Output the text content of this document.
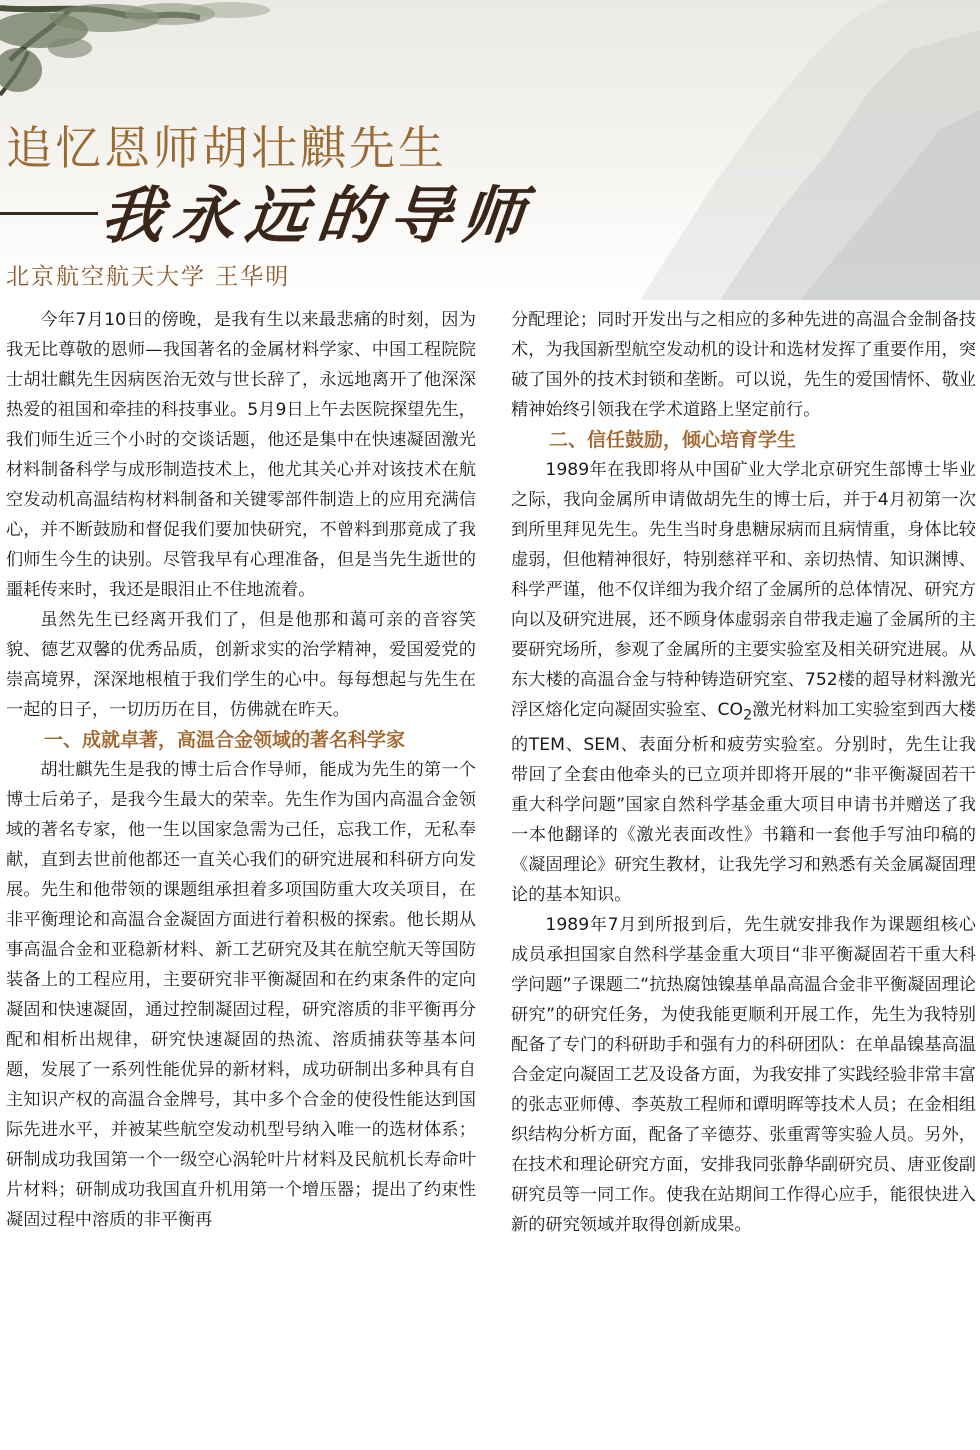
追忆恩师胡壮麒先生
我永远的导师
北京航空航天大学 王华明

今年7月10日的傍晚，是我有生以来最悲痛的时刻，因为我无比尊敬的恩师—我国著名的金属材料学家、中国工程院院士胡壮麒先生因病医治无效与世长辞了，永远地离开了他深深热爱的祖国和牵挂的科技事业。5月9日上午去医院探望先生，我们师生近三个小时的交谈话题，他还是集中在快速凝固激光材料制备科学与成形制造技术上，他尤其关心并对该技术在航空发动机高温结构材料制备和关键零部件制造上的应用充满信心，并不断鼓励和督促我们要加快研究，不曾料到那竟成了我们师生今生的诀别。尽管我早有心理准备，但是当先生逝世的噩耗传来时，我还是眼泪止不住地流着。

虽然先生已经离开我们了，但是他那和蔼可亲的音容笑貌、德艺双馨的优秀品质，创新求实的治学精神，爱国爱党的崇高境界，深深地根植于我们学生的心中。每每想起与先生在一起的日子，一切历历在目，仿佛就在昨天。

一、成就卓著，高温合金领域的著名科学家

胡壮麒先生是我的博士后合作导师，能成为先生的第一个博士后弟子，是我今生最大的荣幸。先生作为国内高温合金领域的著名专家，他一生以国家急需为己任，忘我工作，无私奉献，直到去世前他都还一直关心我们的研究进展和科研方向发展。先生和他带领的课题组承担着多项国防重大攻关项目，在非平衡理论和高温合金凝固方面进行着积极的探索。他长期从事高温合金和亚稳新材料、新工艺研究及其在航空航天等国防装备上的工程应用，主要研究非平衡凝固和在约束条件的定向凝固和快速凝固，通过控制凝固过程，研究溶质的非平衡再分配和相析出规律，研究快速凝固的热流、溶质捕获等基本问题，发展了一系列性能优异的新材料，成功研制出多种具有自主知识产权的高温合金牌号，其中多个合金的使役性能达到国际先进水平，并被某些航空发动机型号纳入唯一的选材体系；研制成功我国第一个一级空心涡轮叶片材料及民航机长寿命叶片材料；研制成功我国直升机用第一个增压器；提出了约束性凝固过程中溶质的非平衡再

分配理论；同时开发出与之相应的多种先进的高温合金制备技术，为我国新型航空发动机的设计和选材发挥了重要作用，突破了国外的技术封锁和垄断。可以说，先生的爱国情怀、敬业精神始终引领我在学术道路上坚定前行。

二、信任鼓励，倾心培育学生

1989年在我即将从中国矿业大学北京研究生部博士毕业之际，我向金属所申请做胡先生的博士后，并于4月初第一次到所里拜见先生。先生当时身患糖尿病而且病情重，身体比较虚弱，但他精神很好，特别慈祥平和、亲切热情、知识渊博、科学严谨，他不仅详细为我介绍了金属所的总体情况、研究方向以及研究进展，还不顾身体虚弱亲自带我走遍了金属所的主要研究场所，参观了金属所的主要实验室及相关研究进展。从东大楼的高温合金与特种铸造研究室、752楼的超导材料激光浮区熔化定向凝固实验室、$CO_2$激光材料加工实验室到西大楼的TEM、SEM、表面分析和疲劳实验室。分别时，先生让我带回了全套由他牵头的已立项并即将开展的“非平衡凝固若干重大科学问题”国家自然科学基金重大项目申请书并赠送了我一本他翻译的《激光表面改性》书籍和一套他手写油印稿的《凝固理论》研究生教材，让我先学习和熟悉有关金属凝固理论的基本知识。

1989年7月到所报到后，先生就安排我作为课题组核心成员承担国家自然科学基金重大项目“非平衡凝固若干重大科学问题”子课题二“抗热腐蚀镍基单晶高温合金非平衡凝固理论研究”的研究任务，为使我能更顺利开展工作，先生为我特别配备了专门的科研助手和强有力的科研团队：在单晶镍基高温合金定向凝固工艺及设备方面，为我安排了实践经验非常丰富的张志亚师傅、李英敖工程师和谭明晖等技术人员；在金相组织结构分析方面，配备了辛德芬、张重霄等实验人员。另外，在技术和理论研究方面，安排我同张静华副研究员、唐亚俊副研究员等一同工作。使我在站期间工作得心应手，能很快进入新的研究领域并取得创新成果。
